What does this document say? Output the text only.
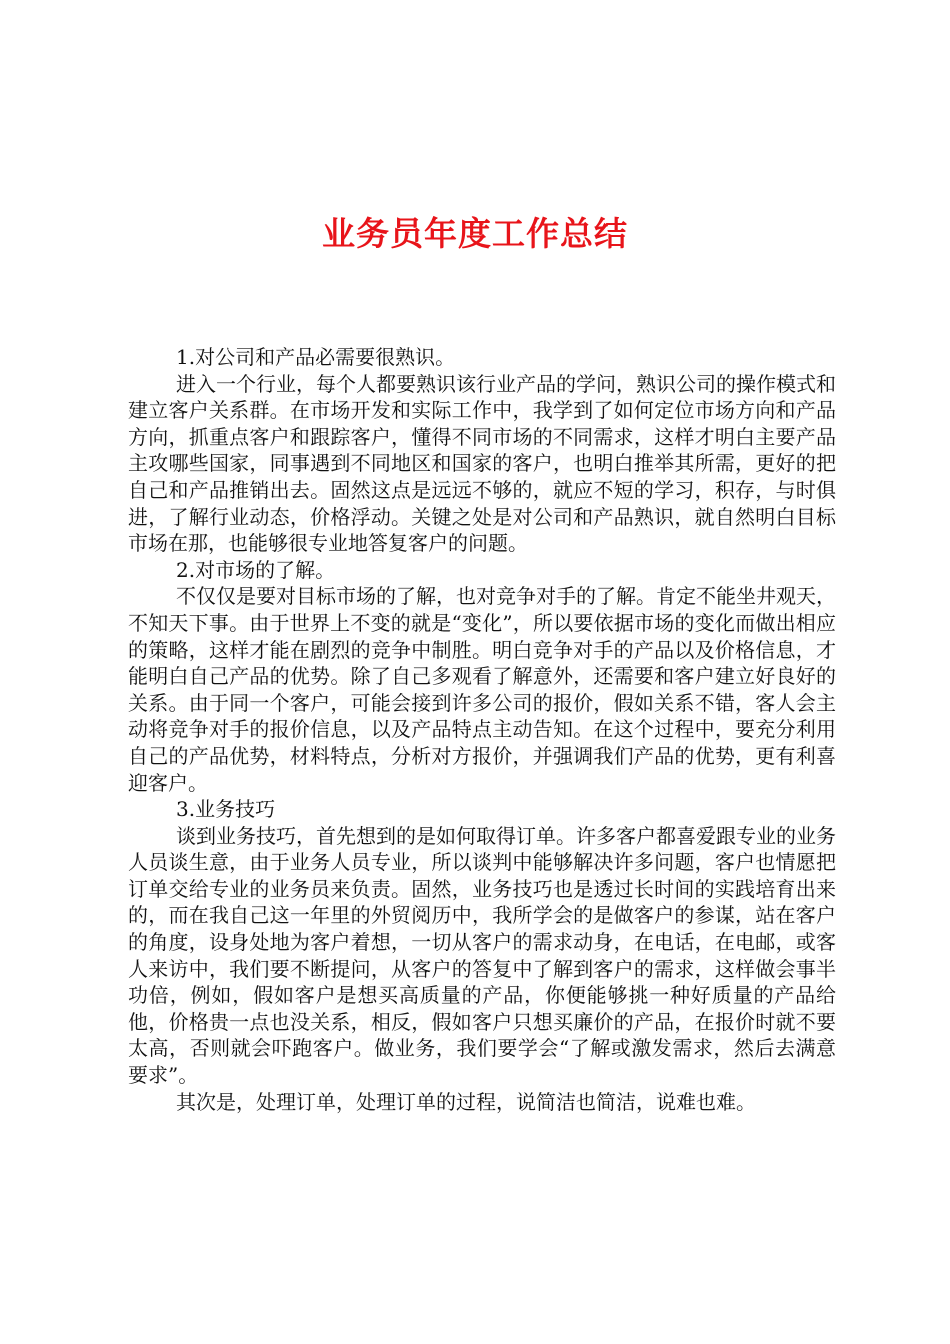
业务员年度工作总结

1.对公司和产品必需要很熟识。

进入一个行业，每个人都要熟识该行业产品的学问，熟识公司的操作模式和建立客户关系群。在市场开发和实际工作中，我学到了如何定位市场方向和产品方向，抓重点客户和跟踪客户，懂得不同市场的不同需求，这样才明白主要产品主攻哪些国家，同事遇到不同地区和国家的客户，也明白推举其所需，更好的把自己和产品推销出去。固然这点是远远不够的，就应不短的学习，积存，与时俱进，了解行业动态，价格浮动。关键之处是对公司和产品熟识，就自然明白目标市场在那，也能够很专业地答复客户的问题。

2.对市场的了解。

不仅仅是要对目标市场的了解，也对竞争对手的了解。肯定不能坐井观天，不知天下事。由于世界上不变的就是“变化”，所以要依据市场的变化而做出相应的策略，这样才能在剧烈的竞争中制胜。明白竞争对手的产品以及价格信息，才能明白自己产品的优势。除了自己多观看了解意外，还需要和客户建立好良好的关系。由于同一个客户，可能会接到许多公司的报价，假如关系不错，客人会主动将竞争对手的报价信息，以及产品特点主动告知。在这个过程中，要充分利用自己的产品优势，材料特点，分析对方报价，并强调我们产品的优势，更有利喜迎客户。

3.业务技巧

谈到业务技巧，首先想到的是如何取得订单。许多客户都喜爱跟专业的业务人员谈生意，由于业务人员专业，所以谈判中能够解决许多问题，客户也情愿把订单交给专业的业务员来负责。固然，业务技巧也是透过长时间的实践培育出来的，而在我自己这一年里的外贸阅历中，我所学会的是做客户的参谋，站在客户的角度，设身处地为客户着想，一切从客户的需求动身，在电话，在电邮，或客人来访中，我们要不断提问，从客户的答复中了解到客户的需求，这样做会事半功倍，例如，假如客户是想买高质量的产品，你便能够挑一种好质量的产品给他，价格贵一点也没关系，相反，假如客户只想买廉价的产品，在报价时就不要太高，否则就会吓跑客户。做业务，我们要学会“了解或激发需求，然后去满意要求”。

其次是，处理订单，处理订单的过程，说简洁也简洁，说难也难。
